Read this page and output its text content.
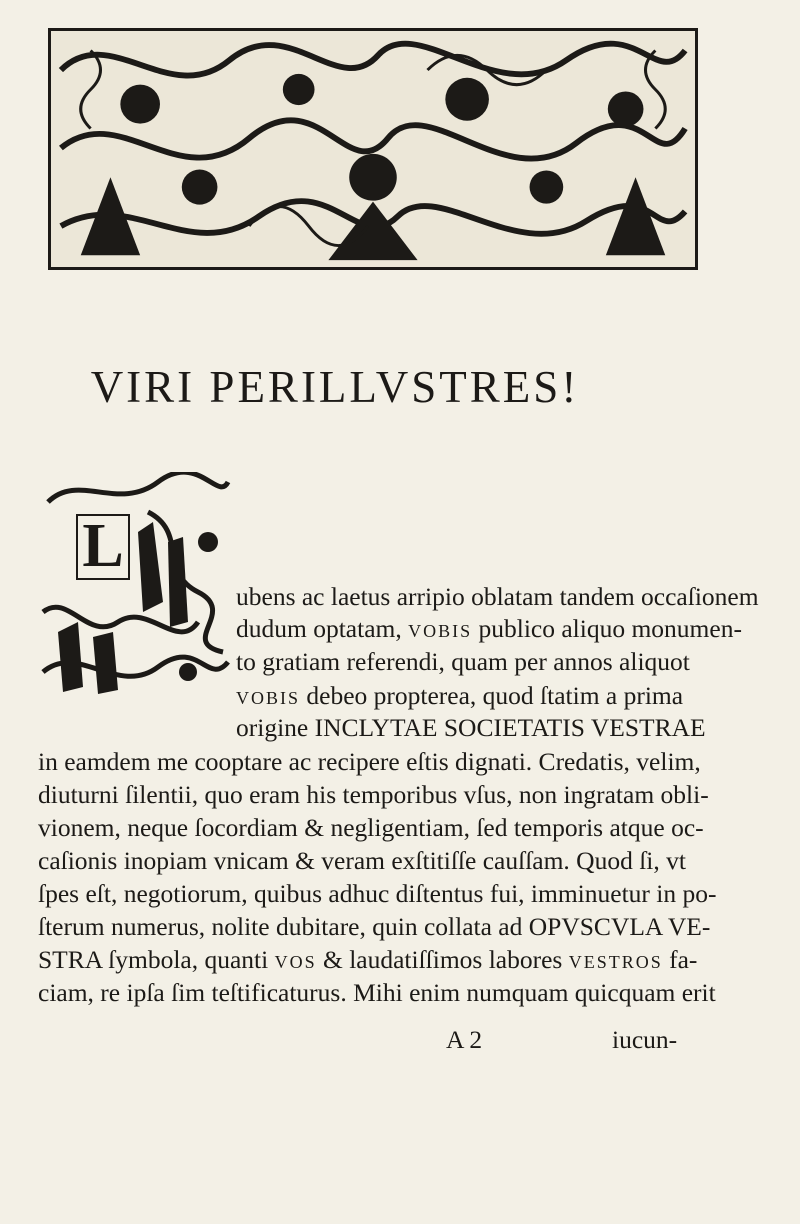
VIRI PERILLVSTRES!
L
ubens ac laetus arripio oblatam tandem occaſionem
dudum optatam, vobis publico aliquo monumen-
to gratiam referendi, quam per annos aliquot
vobis debeo propterea, quod ſtatim a prima
origine INCLYTAE SOCIETATIS VESTRAE
in eamdem me cooptare ac recipere eſtis dignati. Credatis, velim,
diuturni ſilentii, quo eram his temporibus vſus, non ingratam obli-
vionem, neque ſocordiam & negligentiam, ſed temporis atque oc-
caſionis inopiam vnicam & veram exſtitiſſe cauſſam. Quod ſi, vt
ſpes eſt, negotiorum, quibus adhuc diſtentus fui, imminuetur in po-
ſterum numerus, nolite dubitare, quin collata ad OPVSCVLA VE-
STRA ſymbola, quanti vos & laudatiſſimos labores vestros fa-
ciam, re ipſa ſim teſtificaturus. Mihi enim numquam quicquam erit
A 2	iucun-
